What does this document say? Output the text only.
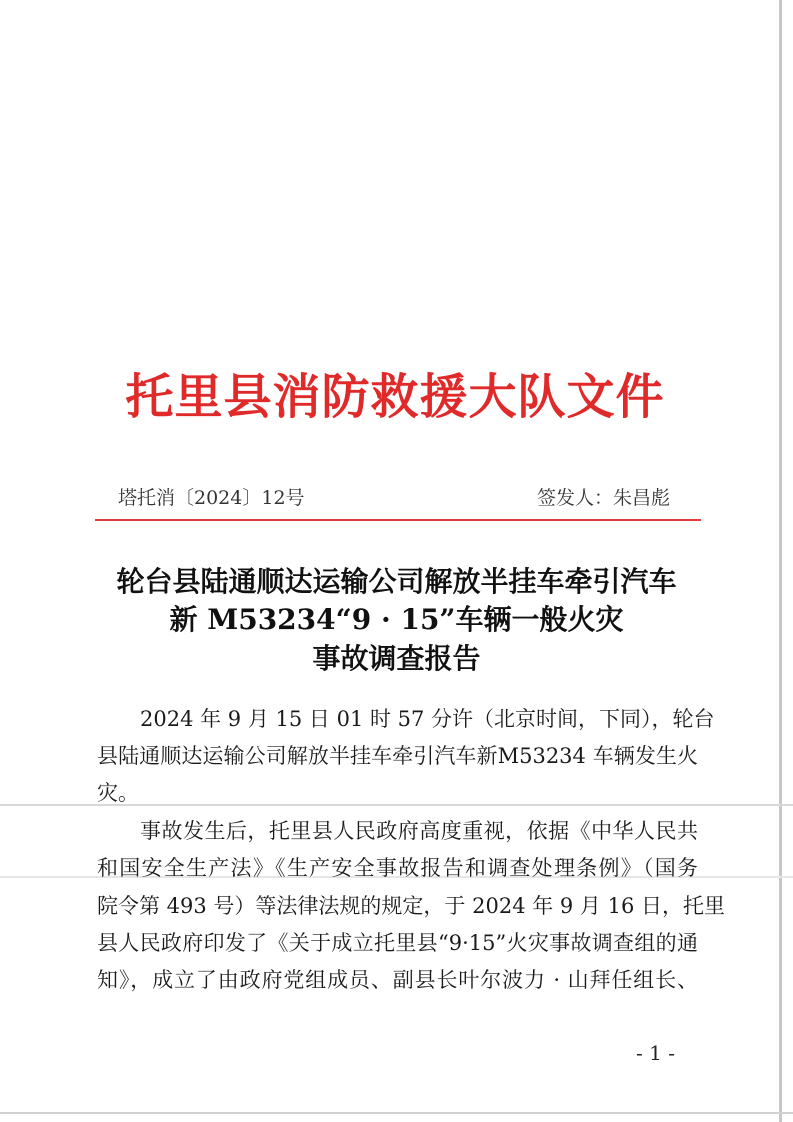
托里县消防救援大队文件
塔托消〔2024〕12号	签发人：朱昌彪
轮台县陆通顺达运输公司解放半挂车牵引汽车
新 M53234“9 · 15”车辆一般火灾
事故调查报告
2024 年 9 月 15 日 01 时 57 分许（北京时间，下同），轮台
县陆通顺达运输公司解放半挂车牵引汽车新M53234 车辆发生火
灾。
事故发生后，托里县人民政府高度重视，依据《中华人民共
和国安全生产法》《生产安全事故报告和调查处理条例》（国务
院令第 493 号）等法律法规的规定，于 2024 年 9 月 16 日，托里
县人民政府印发了《关于成立托里县“9·15”火灾事故调查组的通
知》，成立了由政府党组成员、副县长叶尔波力 · 山拜任组长、
- 1 -
